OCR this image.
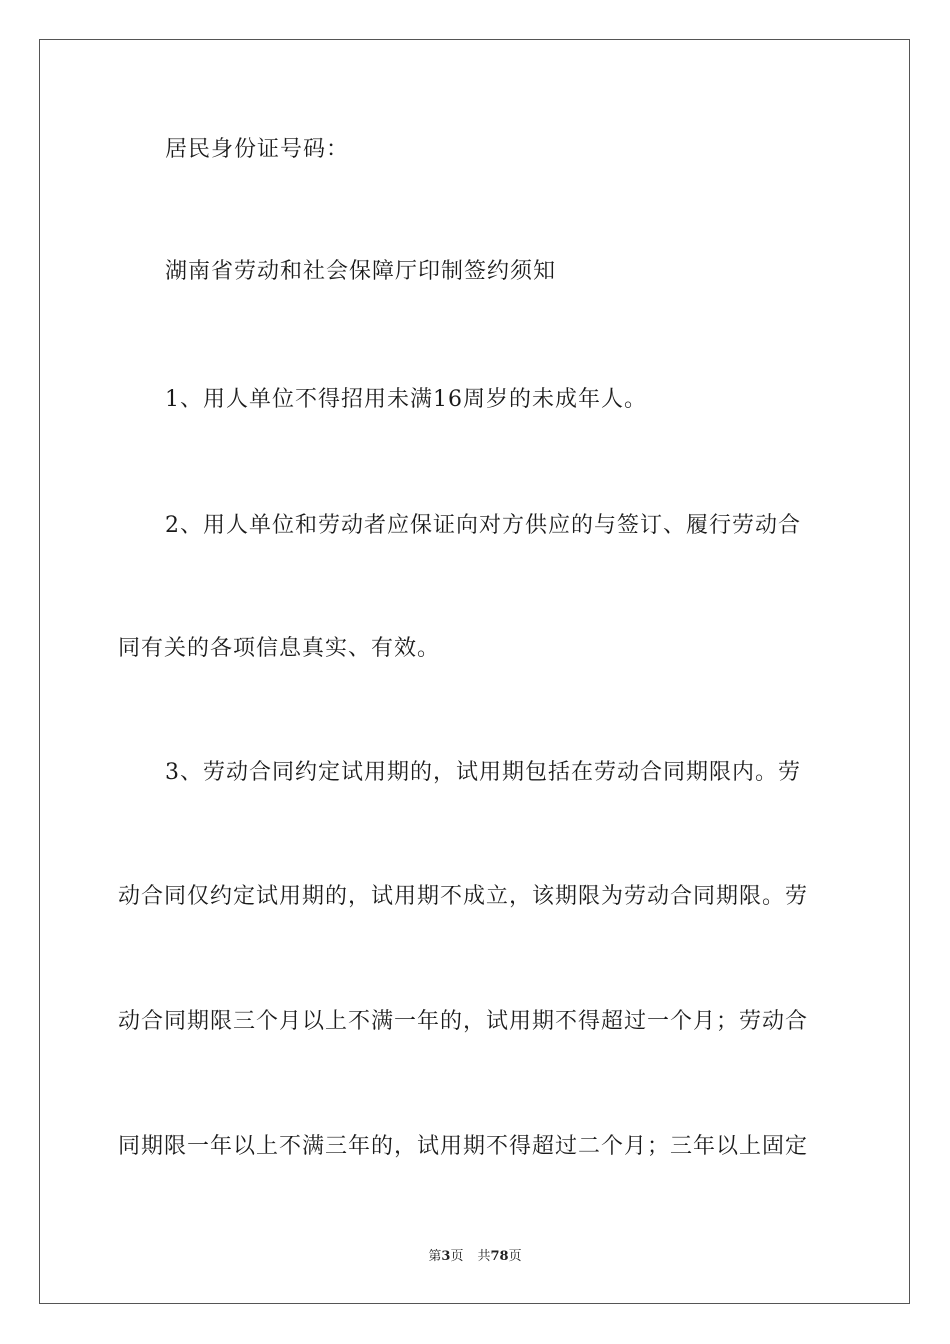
居民身份证号码：
湖南省劳动和社会保障厅印制签约须知
1、用人单位不得招用未满16周岁的未成年人。
2、用人单位和劳动者应保证向对方供应的与签订、履行劳动合
同有关的各项信息真实、有效。
3、劳动合同约定试用期的，试用期包括在劳动合同期限内。劳
动合同仅约定试用期的，试用期不成立，该期限为劳动合同期限。劳
动合同期限三个月以上不满一年的，试用期不得超过一个月；劳动合
同期限一年以上不满三年的，试用期不得超过二个月；三年以上固定
第3页 共78页
